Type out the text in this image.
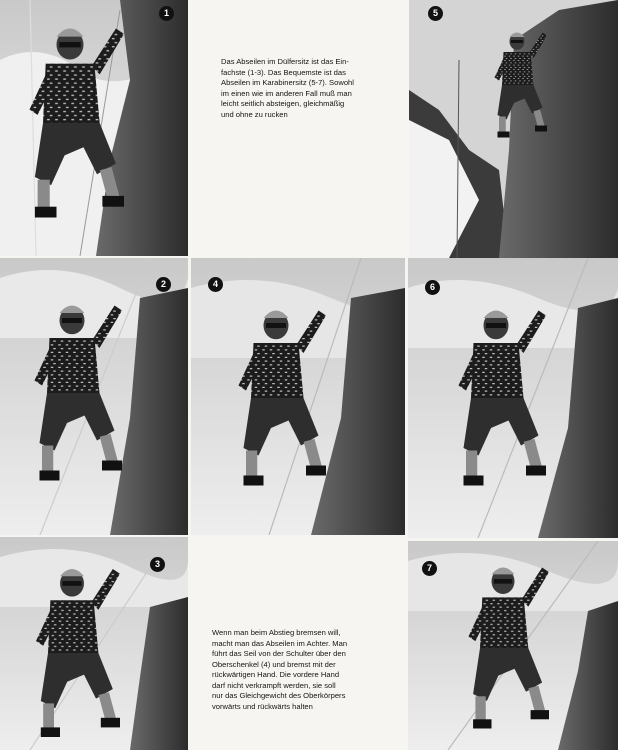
1
Das Abseilen im Dülfersitz ist das Ein-
fachste (1-3). Das Bequemste ist das
Abseilen im Karabinersitz (5-7). Sowohl
im einen wie im anderen Fall muß man
leicht seitlich absteigen, gleichmäßig
und ohne zu rucken
5
2	4	6
3
Wenn man beim Abstieg bremsen will,
macht man das Abseilen im Achter. Man
führt das Seil von der Schulter über den
Oberschenkel (4) und bremst mit der
rückwärtigen Hand. Die vordere Hand
darf nicht verkrampft werden, sie soll
nur das Gleichgewicht des Oberkörpers
vorwärts und rückwärts halten
7
